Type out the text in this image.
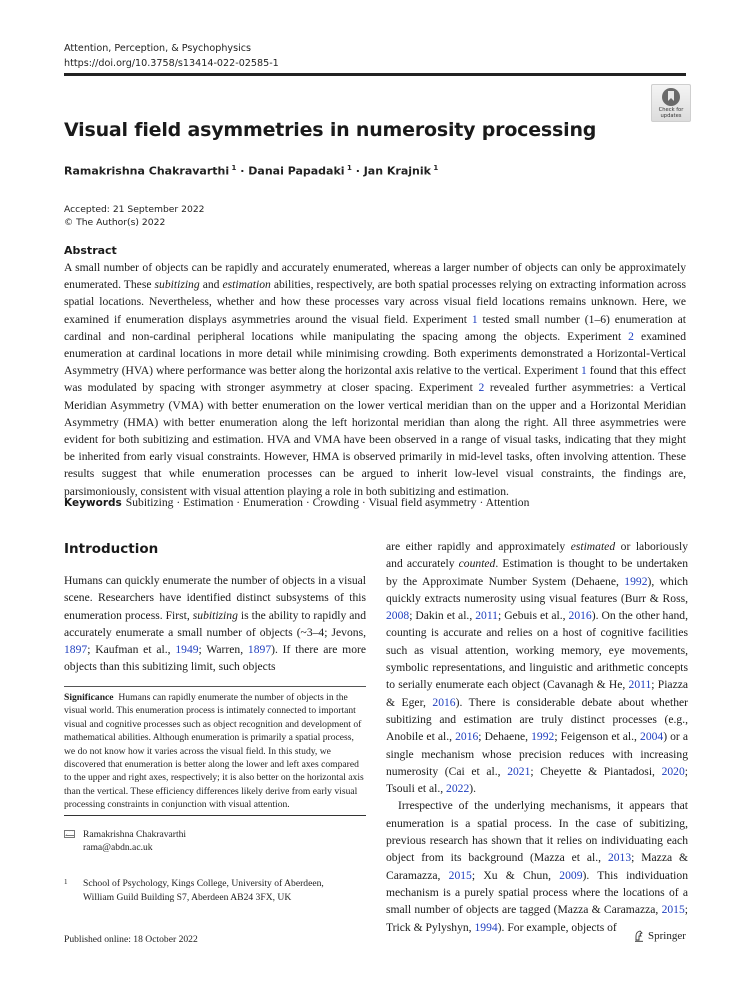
Attention, Perception, & Psychophysics
https://doi.org/10.3758/s13414-022-02585-1
Check for
updates
Visual field asymmetries in numerosity processing
Ramakrishna Chakravarthi $^1$ · Danai Papadaki $^1$ · Jan Krajnik $^1$
Accepted: 21 September 2022
© The Author(s) 2022
Abstract
A small number of objects can be rapidly and accurately enumerated, whereas a larger number of objects can only be approximately enumerated. These subitizing and estimation abilities, respectively, are both spatial processes relying on extracting information across spatial locations. Nevertheless, whether and how these processes vary across visual field locations remains unknown. Here, we examined if enumeration displays asymmetries around the visual field. Experiment 1 tested small number (1–6) enumeration at cardinal and non-cardinal peripheral locations while manipulating the spacing among the objects. Experiment 2 examined enumeration at cardinal locations in more detail while minimising crowding. Both experiments demonstrated a Horizontal-Vertical Asymmetry (HVA) where performance was better along the horizontal axis relative to the vertical. Experiment 1 found that this effect was modulated by spacing with stronger asymmetry at closer spacing. Experiment 2 revealed further asymmetries: a Vertical Meridian Asymmetry (VMA) with better enumeration on the lower vertical meridian than on the upper and a Horizontal Meridian Asymmetry (HMA) with better enumeration along the left horizontal meridian than along the right. All three asymmetries were evident for both subitizing and estimation. HVA and VMA have been observed in a range of visual tasks, indicating that they might be inherited from early visual constraints. However, HMA is observed primarily in mid-level tasks, often involving attention. These results suggest that while enumeration processes can be argued to inherit low-level visual constraints, the findings are, parsimoniously, consistent with visual attention playing a role in both subitizing and estimation.
Keywords Subitizing · Estimation · Enumeration · Crowding · Visual field asymmetry · Attention
Introduction
Humans can quickly enumerate the number of objects in a visual scene. Researchers have identified distinct subsystems of this enumeration process. First, subitizing is the ability to rapidly and accurately enumerate a small number of objects (~3–4; Jevons, 1897; Kaufman et al., 1949; Warren, 1897). If there are more objects than this subitizing limit, such objects
Significance Humans can rapidly enumerate the number of objects in the visual world. This enumeration process is intimately connected to important visual and cognitive processes such as object recognition and development of mathematical abilities. Although enumeration is primarily a spatial process, we do not know how it varies across the visual field. In this study, we discovered that enumeration is better along the lower and left axes compared to the upper and right axes, respectively; it is also better on the horizontal axis than the vertical. These efficiency differences likely derive from early visual processing constraints in conjunction with visual attention.
Ramakrishna Chakravarthi
rama@abdn.ac.uk
1 School of Psychology, Kings College, University of Aberdeen,
William Guild Building S7, Aberdeen AB24 3FX, UK

are either rapidly and approximately estimated or laboriously and accurately counted. Estimation is thought to be undertaken by the Approximate Number System (Dehaene, 1992), which quickly extracts numerosity using visual features (Burr & Ross, 2008; Dakin et al., 2011; Gebuis et al., 2016). On the other hand, counting is accurate and relies on a host of cognitive facilities such as visual attention, working memory, eye movements, symbolic representations, and linguistic and arithmetic concepts to serially enumerate each object (Cavanagh & He, 2011; Piazza & Eger, 2016). There is considerable debate about whether subitizing and estimation are truly distinct processes (e.g., Anobile et al., 2016; Dehaene, 1992; Feigenson et al., 2004) or a single mechanism whose precision reduces with increasing numerosity (Cai et al., 2021; Cheyette & Piantadosi, 2020; Tsouli et al., 2022).

Irrespective of the underlying mechanisms, it appears that enumeration is a spatial process. In the case of subitizing, previous research has shown that it relies on individuating each object from its background (Mazza et al., 2013; Mazza & Caramazza, 2015; Xu & Chun, 2009). This individuation mechanism is a purely spatial process where the locations of a small number of objects are tagged (Mazza & Caramazza, 2015; Trick & Pylyshyn, 1994). For example, objects of

Published online: 18 October 2022	Springer
